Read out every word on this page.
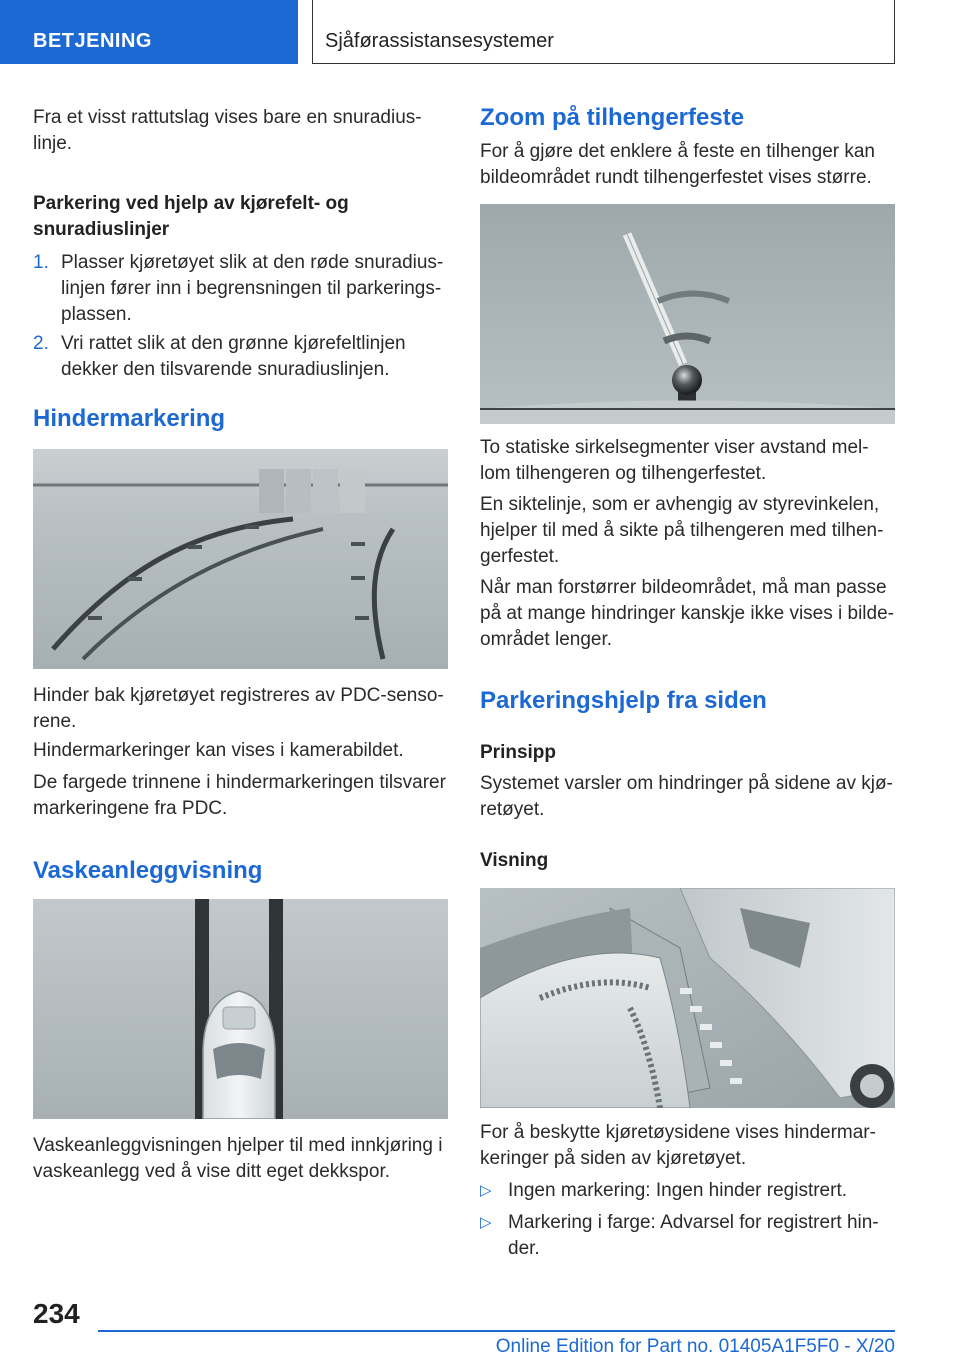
BETJENING	Sjåførassistansesystemer

Fra et visst rattutslag vises bare en snuradius-linje.

Parkering ved hjelp av kjørefelt- og snuradiuslinjer

1. Plasser kjøretøyet slik at den røde snuradius-linjen fører inn i begrensningen til parkerings-plassen.
2. Vri rattet slik at den grønne kjørefeltlinjen dekker den tilsvarende snuradiuslinjen.

Hindermarkering

Hinder bak kjøretøyet registreres av PDC-senso-rene.

Hindermarkeringer kan vises i kamerabildet.

De fargede trinnene i hindermarkeringen tilsvarer markeringene fra PDC.

Vaskeanleggvisning

Vaskeanleggvisningen hjelper til med innkjøring i vaskeanlegg ved å vise ditt eget dekkspor.

Zoom på tilhengerfeste

For å gjøre det enklere å feste en tilhenger kan bildeområdet rundt tilhengerfestet vises større.

To statiske sirkelsegmenter viser avstand mel-lom tilhengeren og tilhengerfestet.

En siktelinje, som er avhengig av styrevinkelen, hjelper til med å sikte på tilhengeren med tilhen-gerfestet.

Når man forstørrer bildeområdet, må man passe på at mange hindringer kanskje ikke vises i bilde-området lenger.

Parkeringshjelp fra siden

Prinsipp

Systemet varsler om hindringer på sidene av kjø-retøyet.

Visning

For å beskytte kjøretøysidene vises hindermar-keringer på siden av kjøretøyet.

▷ Ingen markering: Ingen hinder registrert.
▷ Markering i farge: Advarsel for registrert hin-der.
234
Online Edition for Part no. 01405A1F5F0 - X/20
